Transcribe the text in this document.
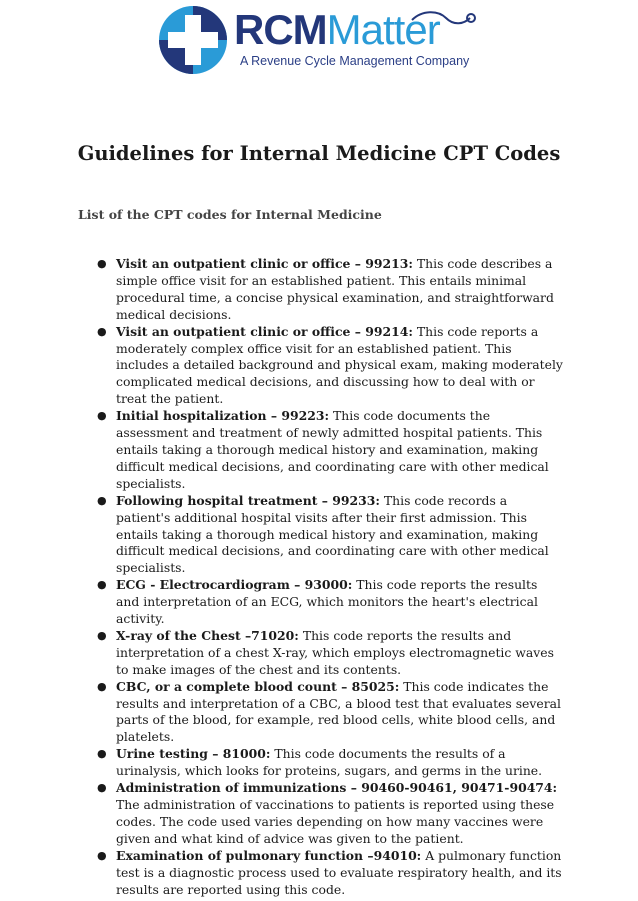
RCMMatter
A Revenue Cycle Management Company
Guidelines for Internal Medicine CPT Codes
List of the CPT codes for Internal Medicine
● Visit an outpatient clinic or office – 99213: This code describes a simple office visit for an established patient. This entails minimal procedural time, a concise physical examination, and straightforward medical decisions.
● Visit an outpatient clinic or office – 99214: This code reports a moderately complex office visit for an established patient. This includes a detailed background and physical exam, making moderately complicated medical decisions, and discussing how to deal with or treat the patient.
● Initial hospitalization – 99223: This code documents the assessment and treatment of newly admitted hospital patients. This entails taking a thorough medical history and examination, making difficult medical decisions, and coordinating care with other medical specialists.
● Following hospital treatment – 99233: This code records a patient's additional hospital visits after their first admission. This entails taking a thorough medical history and examination, making difficult medical decisions, and coordinating care with other medical specialists.
● ECG - Electrocardiogram – 93000: This code reports the results and interpretation of an ECG, which monitors the heart's electrical activity.
● X-ray of the Chest –71020: This code reports the results and interpretation of a chest X-ray, which employs electromagnetic waves to make images of the chest and its contents.
● CBC, or a complete blood count – 85025: This code indicates the results and interpretation of a CBC, a blood test that evaluates several parts of the blood, for example, red blood cells, white blood cells, and platelets.
● Urine testing – 81000: This code documents the results of a urinalysis, which looks for proteins, sugars, and germs in the urine.
● Administration of immunizations – 90460-90461, 90471-90474: The administration of vaccinations to patients is reported using these codes. The code used varies depending on how many vaccines were given and what kind of advice was given to the patient.
● Examination of pulmonary function –94010: A pulmonary function test is a diagnostic process used to evaluate respiratory health, and its results are reported using this code.
